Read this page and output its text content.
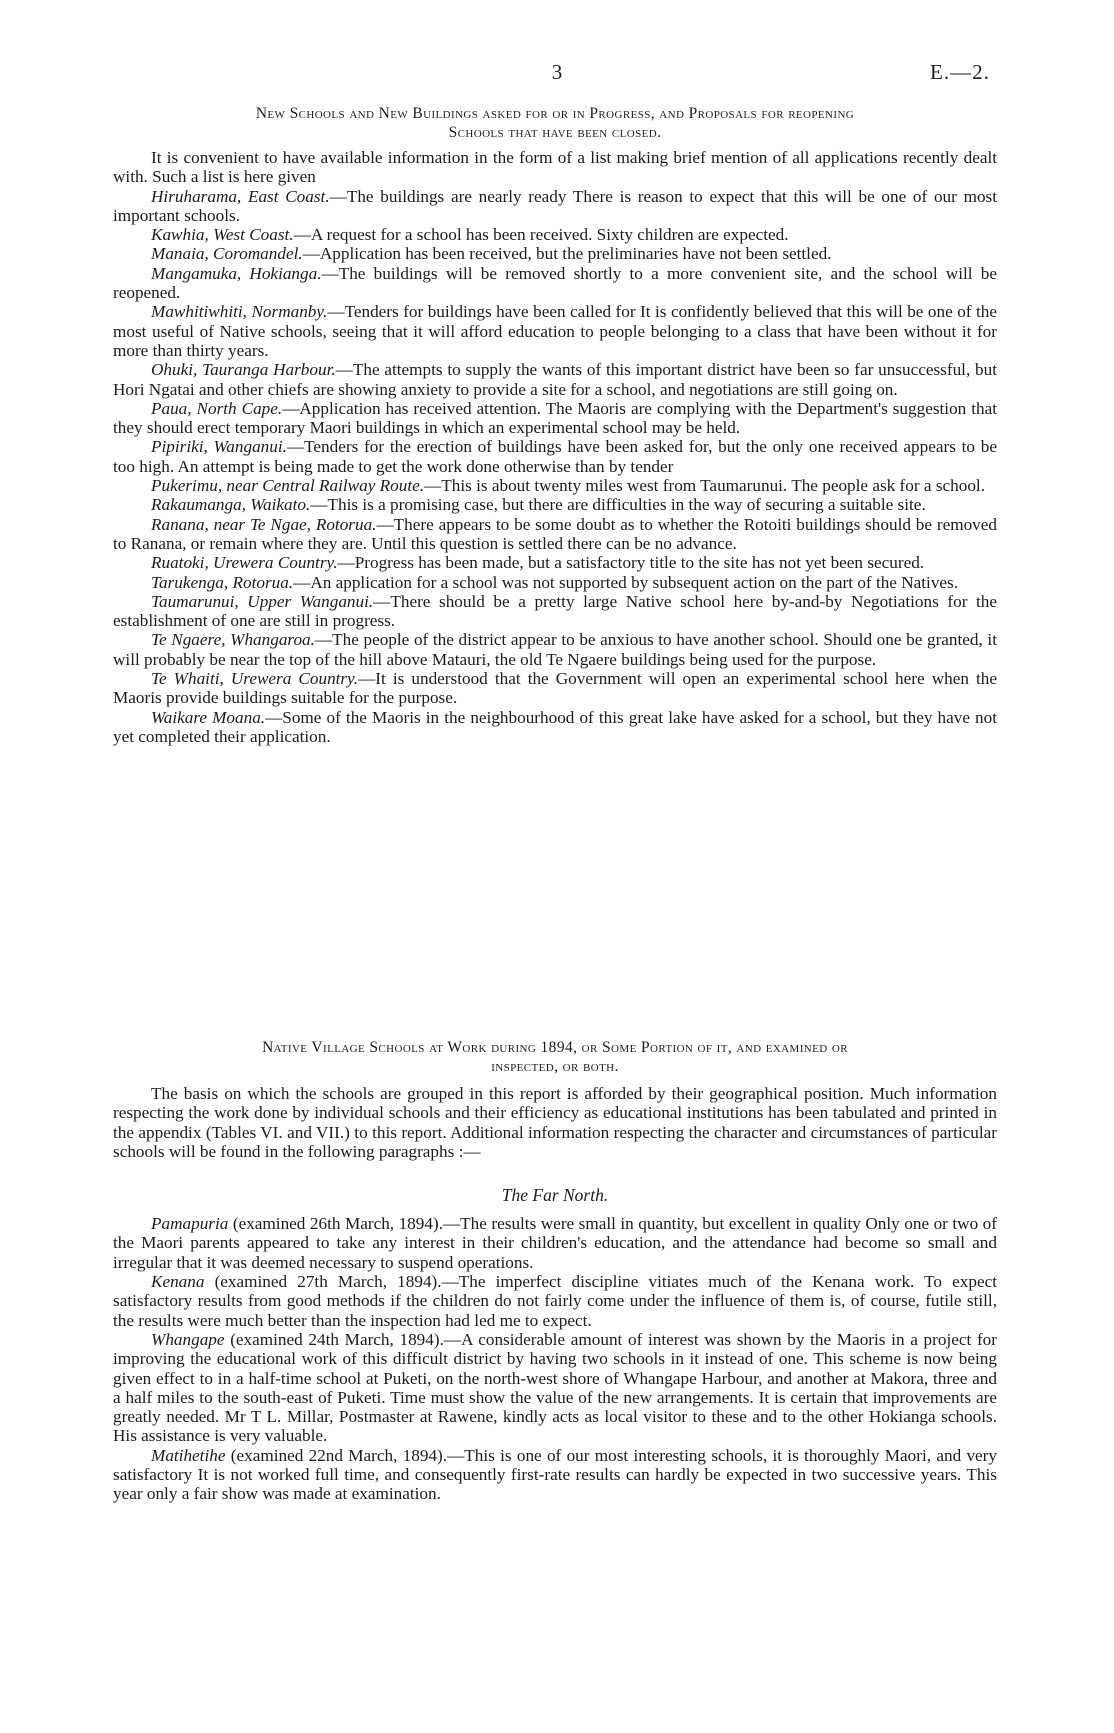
3	E.—2.

New Schools and New Buildings asked for or in Progress, and Proposals for reopening

Schools that have been closed.

It is convenient to have available information in the form of a list making brief mention of all applications recently dealt with. Such a list is here given

Hiruharama, East Coast.—The buildings are nearly ready There is reason to expect that this will be one of our most important schools.

Kawhia, West Coast.—A request for a school has been received. Sixty children are expected.

Manaia, Coromandel.—Application has been received, but the preliminaries have not been settled.

Mangamuka, Hokianga.—The buildings will be removed shortly to a more convenient site, and the school will be reopened.

Mawhitiwhiti, Normanby.—Tenders for buildings have been called for It is confidently believed that this will be one of the most useful of Native schools, seeing that it will afford education to people belonging to a class that have been without it for more than thirty years.

Ohuki, Tauranga Harbour.—The attempts to supply the wants of this important district have been so far unsuccessful, but Hori Ngatai and other chiefs are showing anxiety to provide a site for a school, and negotiations are still going on.

Paua, North Cape.—Application has received attention. The Maoris are complying with the Department's suggestion that they should erect temporary Maori buildings in which an experimental school may be held.

Pipiriki, Wanganui.—Tenders for the erection of buildings have been asked for, but the only one received appears to be too high. An attempt is being made to get the work done otherwise than by tender

Pukerimu, near Central Railway Route.—This is about twenty miles west from Taumarunui. The people ask for a school.

Rakaumanga, Waikato.—This is a promising case, but there are difficulties in the way of securing a suitable site.

Ranana, near Te Ngae, Rotorua.—There appears to be some doubt as to whether the Rotoiti buildings should be removed to Ranana, or remain where they are. Until this question is settled there can be no advance.

Ruatoki, Urewera Country.—Progress has been made, but a satisfactory title to the site has not yet been secured.

Tarukenga, Rotorua.—An application for a school was not supported by subsequent action on the part of the Natives.

Taumarunui, Upper Wanganui.—There should be a pretty large Native school here by-and-by Negotiations for the establishment of one are still in progress.

Te Ngaere, Whangaroa.—The people of the district appear to be anxious to have another school. Should one be granted, it will probably be near the top of the hill above Matauri, the old Te Ngaere buildings being used for the purpose.

Te Whaiti, Urewera Country.—It is understood that the Government will open an experimental school here when the Maoris provide buildings suitable for the purpose.

Waikare Moana.—Some of the Maoris in the neighbourhood of this great lake have asked for a school, but they have not yet completed their application.

Native Village Schools at Work during 1894, or Some Portion of it, and examined or

inspected, or both.

The basis on which the schools are grouped in this report is afforded by their geographical position. Much information respecting the work done by individual schools and their efficiency as educational institutions has been tabulated and printed in the appendix (Tables VI. and VII.) to this report. Additional information respecting the character and circumstances of particular schools will be found in the following paragraphs :—

The Far North.

Pamapuria (examined 26th March, 1894).—The results were small in quantity, but excellent in quality Only one or two of the Maori parents appeared to take any interest in their children's education, and the attendance had become so small and irregular that it was deemed necessary to suspend operations.

Kenana (examined 27th March, 1894).—The imperfect discipline vitiates much of the Kenana work. To expect satisfactory results from good methods if the children do not fairly come under the influence of them is, of course, futile still, the results were much better than the inspection had led me to expect.

Whangape (examined 24th March, 1894).—A considerable amount of interest was shown by the Maoris in a project for improving the educational work of this difficult district by having two schools in it instead of one. This scheme is now being given effect to in a half-time school at Puketi, on the north-west shore of Whangape Harbour, and another at Makora, three and a half miles to the south-east of Puketi. Time must show the value of the new arrangements. It is certain that improvements are greatly needed. Mr T L. Millar, Postmaster at Rawene, kindly acts as local visitor to these and to the other Hokianga schools. His assistance is very valuable.

Matihetihe (examined 22nd March, 1894).—This is one of our most interesting schools, it is thoroughly Maori, and very satisfactory It is not worked full time, and consequently first-rate results can hardly be expected in two successive years. This year only a fair show was made at examination.
